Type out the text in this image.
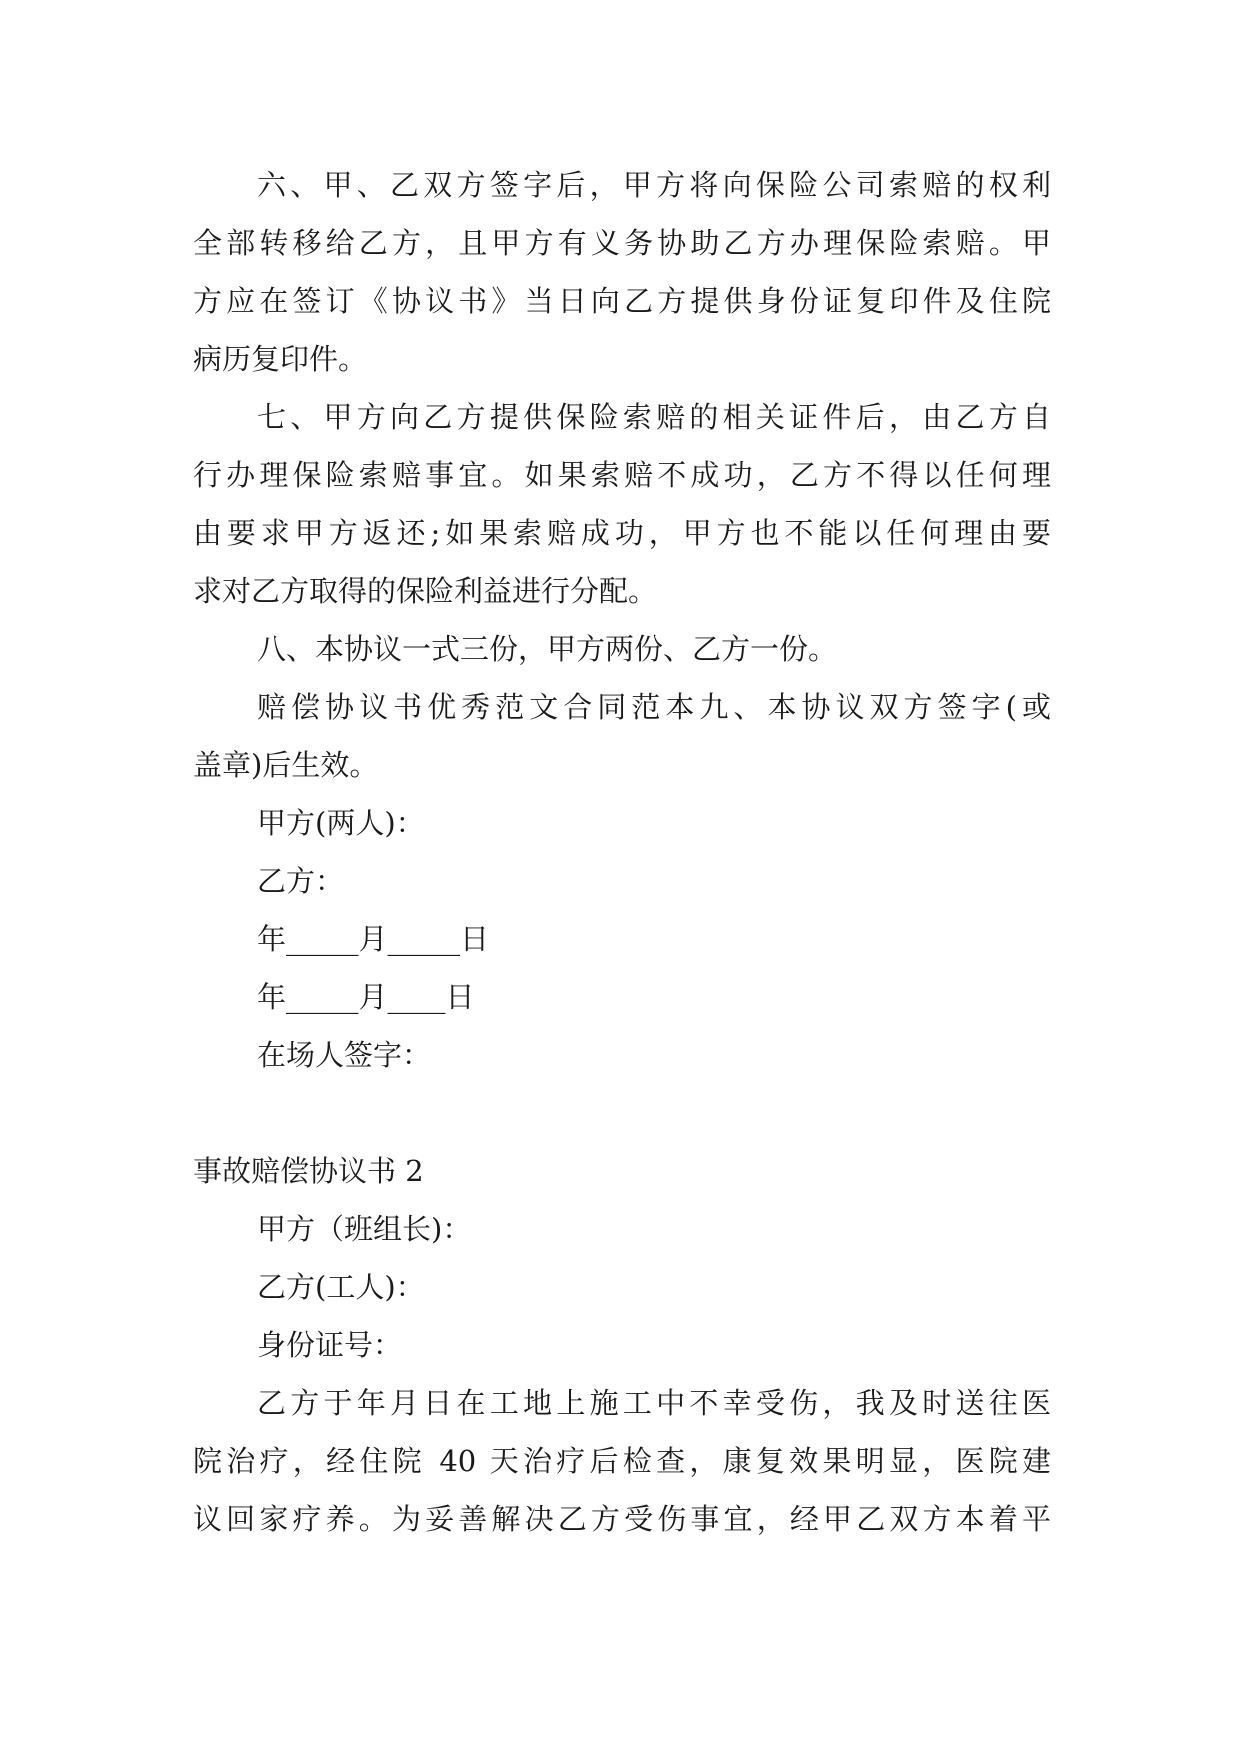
六、甲、乙双方签字后，甲方将向保险公司索赔的权利
全部转移给乙方，且甲方有义务协助乙方办理保险索赔。甲
方应在签订《协议书》当日向乙方提供身份证复印件及住院
病历复印件。
七、甲方向乙方提供保险索赔的相关证件后，由乙方自
行办理保险索赔事宜。如果索赔不成功，乙方不得以任何理
由要求甲方返还;如果索赔成功，甲方也不能以任何理由要
求对乙方取得的保险利益进行分配。
八、本协议一式三份，甲方两份、乙方一份。
赔偿协议书优秀范文合同范本九、本协议双方签字(或
盖章)后生效。
甲方(两人)：
乙方：
年_____月_____日
年_____月____日
在场人签字：
事故赔偿协议书 2
甲方（班组长)：
乙方(工人)：
身份证号：
乙方于年月日在工地上施工中不幸受伤，我及时送往医
院治疗，经住院 40 天治疗后检查，康复效果明显，医院建
议回家疗养。为妥善解决乙方受伤事宜，经甲乙双方本着平
